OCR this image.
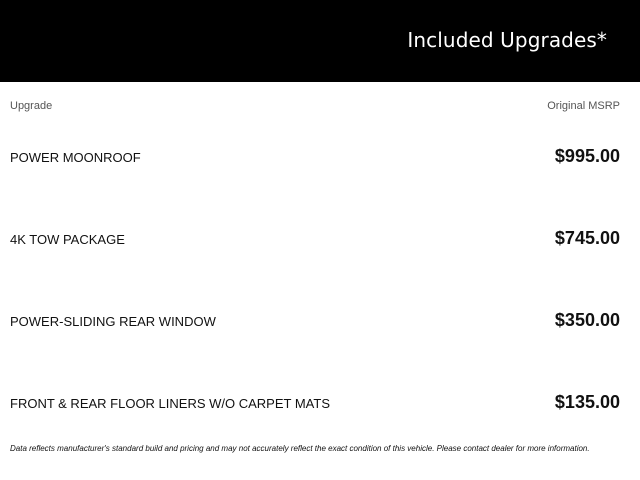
Included Upgrades*
Upgrade	Original MSRP
POWER MOONROOF	$995.00
4K TOW PACKAGE	$745.00
POWER-SLIDING REAR WINDOW	$350.00
FRONT & REAR FLOOR LINERS W/O CARPET MATS	$135.00
Data reflects manufacturer's standard build and pricing and may not accurately reflect the exact condition of this vehicle. Please contact dealer for more information.
